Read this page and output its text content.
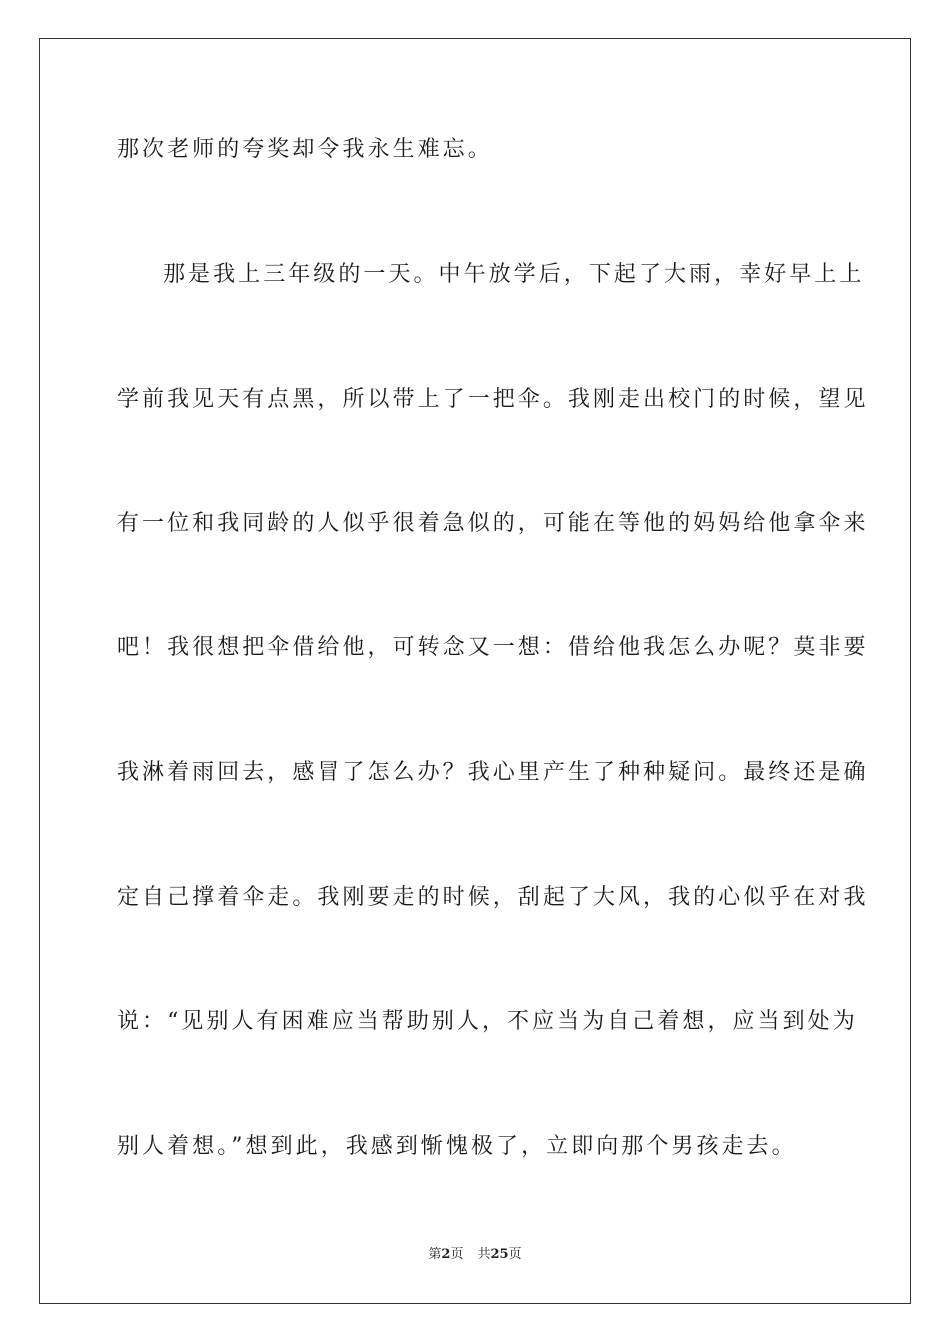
那次老师的夸奖却令我永生难忘。
那是我上三年级的一天。中午放学后，下起了大雨，幸好早上上
学前我见天有点黑，所以带上了一把伞。我刚走出校门的时候，望见
有一位和我同龄的人似乎很着急似的，可能在等他的妈妈给他拿伞来
吧！我很想把伞借给他，可转念又一想：借给他我怎么办呢？莫非要
我淋着雨回去，感冒了怎么办？我心里产生了种种疑问。最终还是确
定自己撑着伞走。我刚要走的时候，刮起了大风，我的心似乎在对我
说：“见别人有困难应当帮助别人，不应当为自己着想，应当到处为
别人着想。”想到此，我感到惭愧极了，立即向那个男孩走去。
第2页 共25页
